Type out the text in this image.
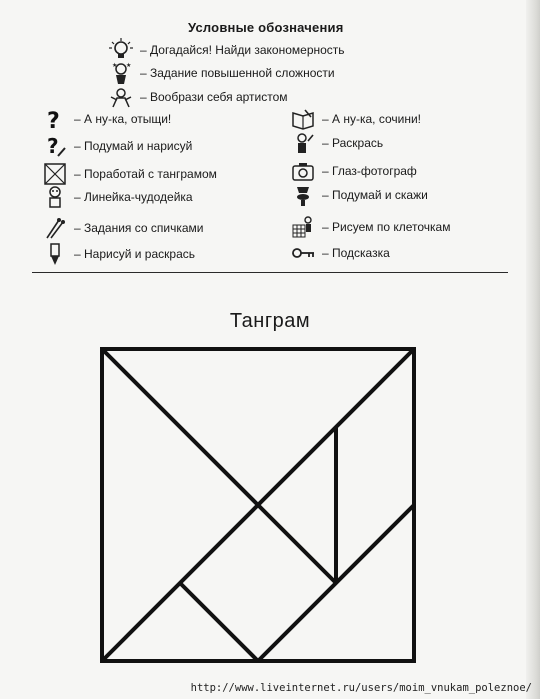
Условные обозначения
– Догадайся! Найди закономерность
★ ★ – Задание повышенной сложности
– Вообрази себя артистом
? – А ну-ка, отыщи!
? – Подумай и нарисуй
– Поработай с танграмом
– Линейка-чудодейка
– Задания со спичками
– Нарисуй и раскрась
– А ну-ка, сочини!
– Раскрась
– Глаз-фотограф
– Подумай и скажи
– Рисуем по клеточкам
– Подсказка
Танграм
http://www.liveinternet.ru/users/moim_vnukam_poleznoe/
